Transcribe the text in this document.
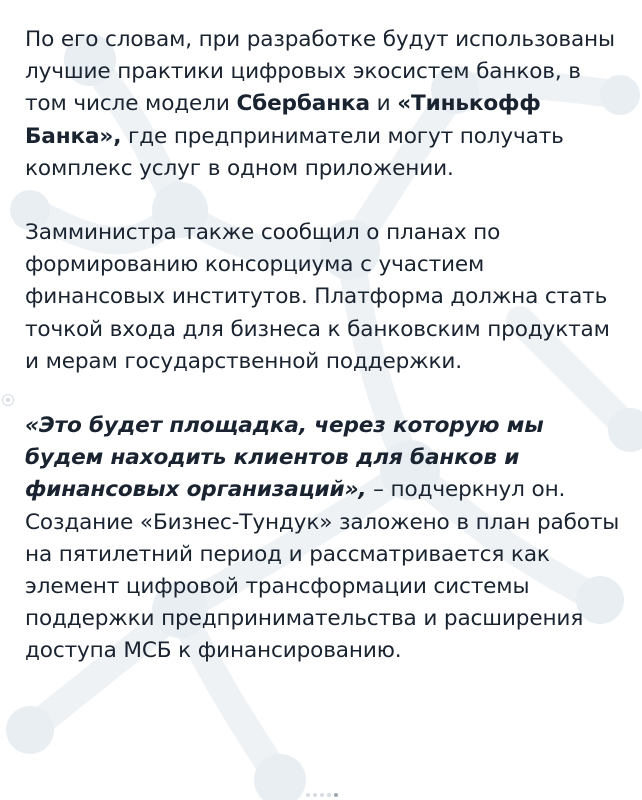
По его словам, при разработке будут использованы лучшие практики цифровых экосистем банков, в том числе модели Сбербанка и «Тинькофф Банка», где предприниматели могут получать комплекс услуг в одном приложении.

Замминистра также сообщил о планах по формированию консорциума с участием финансовых институтов. Платформа должна стать точкой входа для бизнеса к банковским продуктам и мерам государственной поддержки.

«Это будет площадка, через которую мы будем находить клиентов для банков и финансовых организаций», – подчеркнул он.

Создание «Бизнес-Тундук» заложено в план работы на пятилетний период и рассматривается как элемент цифровой трансформации системы поддержки предпринимательства и расширения доступа МСБ к финансированию.
